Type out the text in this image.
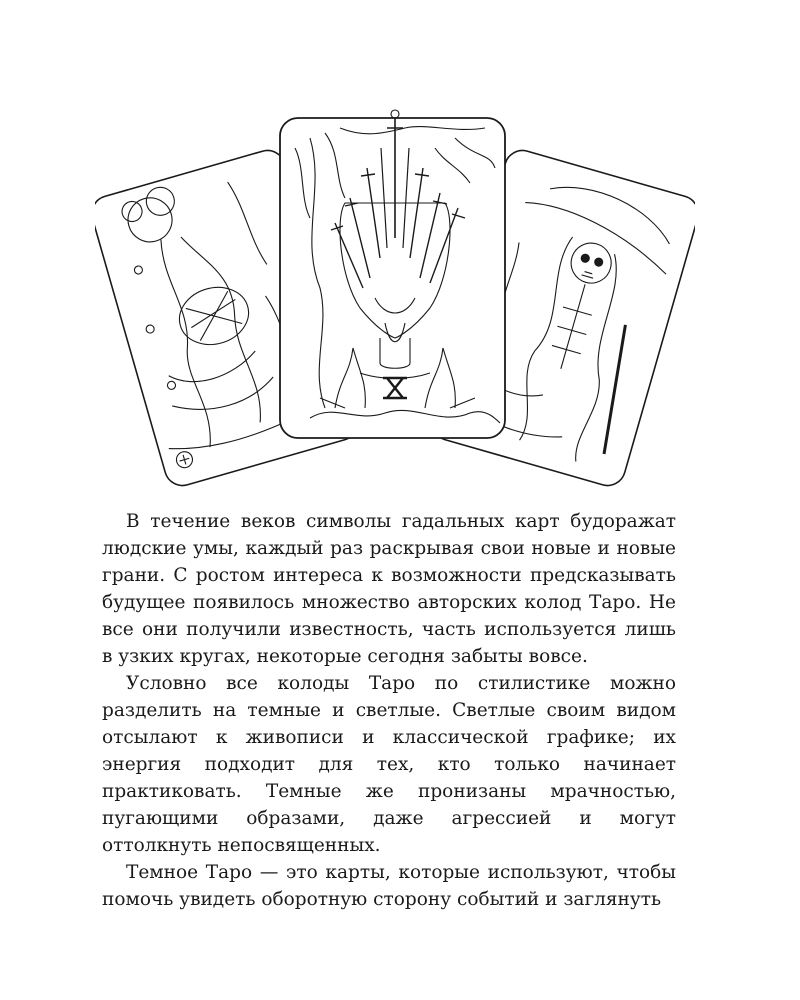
В течение веков символы гадальных карт будоражат людские умы, каждый раз раскрывая свои новые и новые грани. С ростом интереса к возможности предсказывать будущее появилось множество авторских колод Таро. Не все они получили известность, часть используется лишь в узких кругах, некоторые сегодня забыты вовсе.

Условно все колоды Таро по стилистике можно разделить на темные и светлые. Светлые своим видом отсылают к живописи и классической графике; их энергия подходит для тех, кто только начинает практиковать. Темные же пронизаны мрачностью, пугающими образами, даже агрессией и могут оттолкнуть непосвященных.

Темное Таро — это карты, которые используют, чтобы помочь увидеть оборотную сторону событий и заглянуть
